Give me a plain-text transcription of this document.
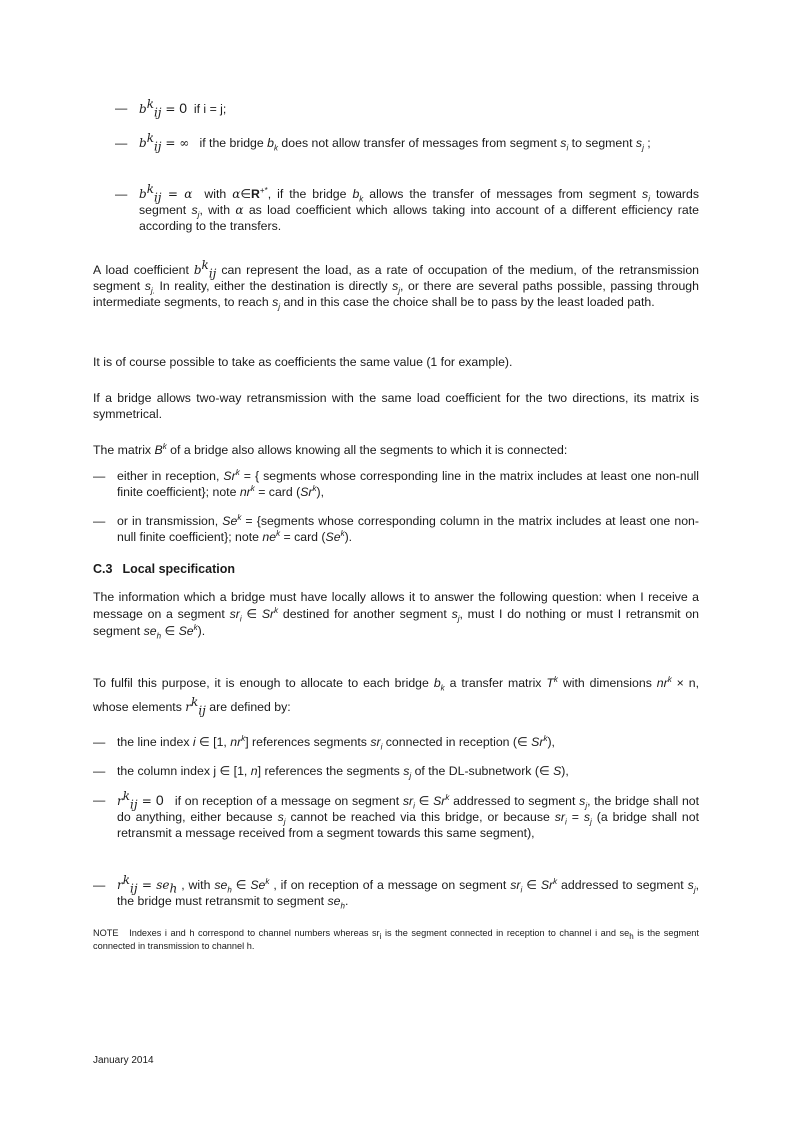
— $b^k_{ij} = 0$ if i = j;
— $b^k_{ij}$ = ∞ if the bridge $b_k$ does not allow transfer of messages from segment $s_i$ to segment $s_j$ ;
— $b^k_{ij} = \alpha$ with α∈R+*, if the bridge $b_k$ allows the transfer of messages from segment $s_i$ towards segment $s_j$, with α as load coefficient which allows taking into account of a different efficiency rate according to the transfers.
A load coefficient $b^k_{ij}$ can represent the load, as a rate of occupation of the medium, of the retransmission segment $s_{j.}$ In reality, either the destination is directly $s_j$, or there are several paths possible, passing through intermediate segments, to reach $s_j$ and in this case the choice shall be to pass by the least loaded path.
It is of course possible to take as coefficients the same value (1 for example).
If a bridge allows two-way retransmission with the same load coefficient for the two directions, its matrix is symmetrical.
The matrix $B^k$ of a bridge also allows knowing all the segments to which it is connected:
— either in reception, $Sr^k$ = { segments whose corresponding line in the matrix includes at least one non-null finite coefficient}; note $nr^k$ = card (Sr$^k$),
— or in transmission, $Se^k$ = {segments whose corresponding column in the matrix includes at least one non-null finite coefficient}; note $ne^k$ = card (Se$^k$).
C.3 Local specification
The information which a bridge must have locally allows it to answer the following question: when I receive a message on a segment $sr_i$ ∈ Sr$^k$ destined for another segment $s_j$, must I do nothing or must I retransmit on segment $se_h$ ∈ Se$^k$).
To fulfil this purpose, it is enough to allocate to each bridge $b_k$ a transfer matrix $T^k$ with dimensions $nr^k \times n$, whose elements $r^k_{ij}$ are defined by:
— the line index i ∈ [1, $nr^k$] references segments $sr_i$ connected in reception (∈ Sr$^k$),
— the column index j ∈ [1, n] references the segments $s_j$ of the DL-subnetwork (∈ S),
— $r^k_{ij} = 0$ if on reception of a message on segment $sr_i$ ∈ Sr$^k$ addressed to segment $s_j$, the bridge shall not do anything, either because $s_j$ cannot be reached via this bridge, or because $sr_i = s_j$ (a bridge shall not retransmit a message received from a segment towards this same segment),
— $r^k_{ij} = se_h$ , with $se_h$ ∈ Se$^k$ , if on reception of a message on segment $sr_i$ ∈ Sr$^k$ addressed to segment $s_j$, the bridge must retransmit to segment $se_h$.
NOTE Indexes i and h correspond to channel numbers whereas $sr_i$ is the segment connected in reception to channel i and $se_h$ is the segment connected in transmission to channel h.
January 2014
